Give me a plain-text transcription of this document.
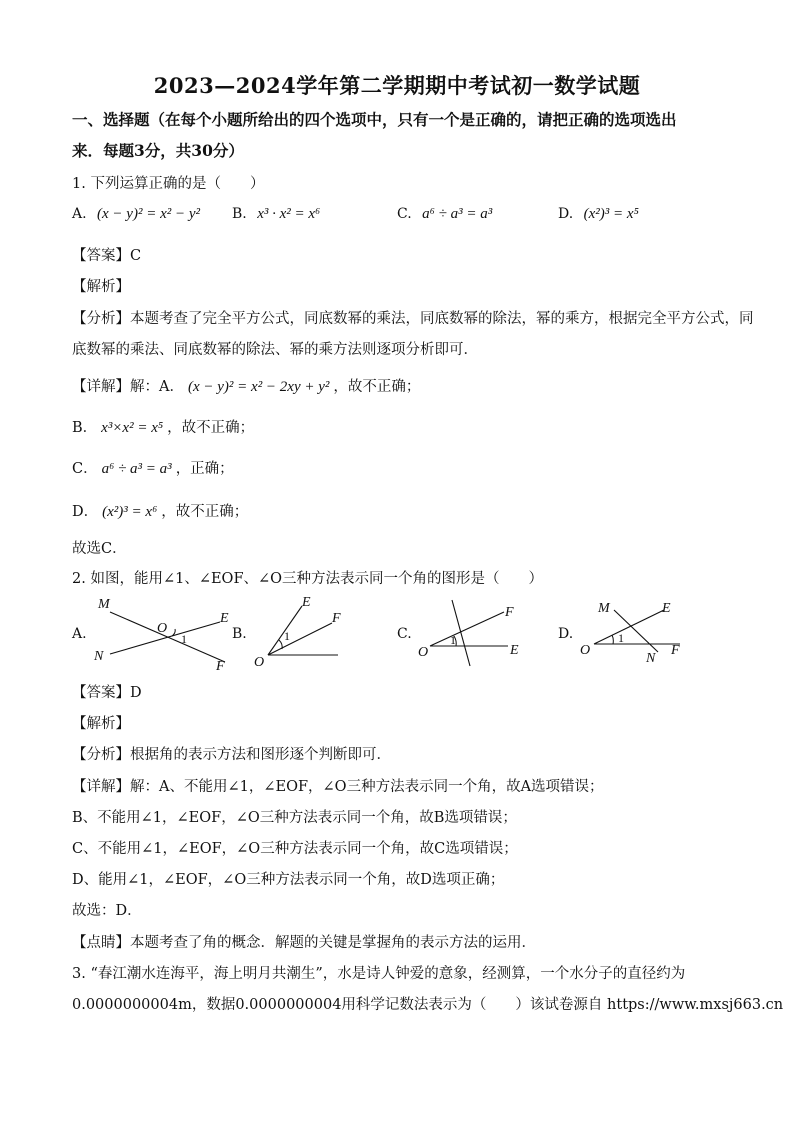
2023—2024学年第二学期期中考试初一数学试题
一、选择题（在每个小题所给出的四个选项中，只有一个是正确的，请把正确的选项选出
来．每题3分，共30分）
1. 下列运算正确的是（　　）
A. (x − y)² = x² − y² B. x³ · x² = x⁶	C. a⁶ ÷ a³ = a³	D. (x²)³ = x⁵
【答案】C
【解析】
【分析】本题考查了完全平方公式，同底数幂的乘法，同底数幂的除法，幂的乘方，根据完全平方公式，同
底数幂的乘法、同底数幂的除法、幂的乘方法则逐项分析即可．
【详解】解：A． (x − y)² = x² − 2xy + y² ，故不正确；
B． x³×x² = x⁵ ，故不正确；
C． a⁶ ÷ a³ = a³ ，正确；
D． (x²)³ = x⁶ ，故不正确；
故选C．
2. 如图，能用∠1、∠EOF、∠O三种方法表示同一个角的图形是（　　）
A.
M
N
O
E
F
1	B.
O
E
F
1	C.
O
F
E
1	D.
O
M	E
N
F
1
【答案】D
【解析】
【分析】根据角的表示方法和图形逐个判断即可．
【详解】解：A、不能用∠1，∠EOF，∠O三种方法表示同一个角，故A选项错误；
B、不能用∠1，∠EOF，∠O三种方法表示同一个角，故B选项错误；
C、不能用∠1，∠EOF，∠O三种方法表示同一个角，故C选项错误；
D、能用∠1，∠EOF，∠O三种方法表示同一个角，故D选项正确；
故选：D．
【点睛】本题考查了角的概念．解题的关键是掌握角的表示方法的运用．
3. “春江潮水连海平，海上明月共潮生”，水是诗人钟爱的意象，经测算，一个水分子的直径约为
0.0000000004m，数据0.0000000004用科学记数法表示为（　　）该试卷源自 https://www.mxsj663.cn
